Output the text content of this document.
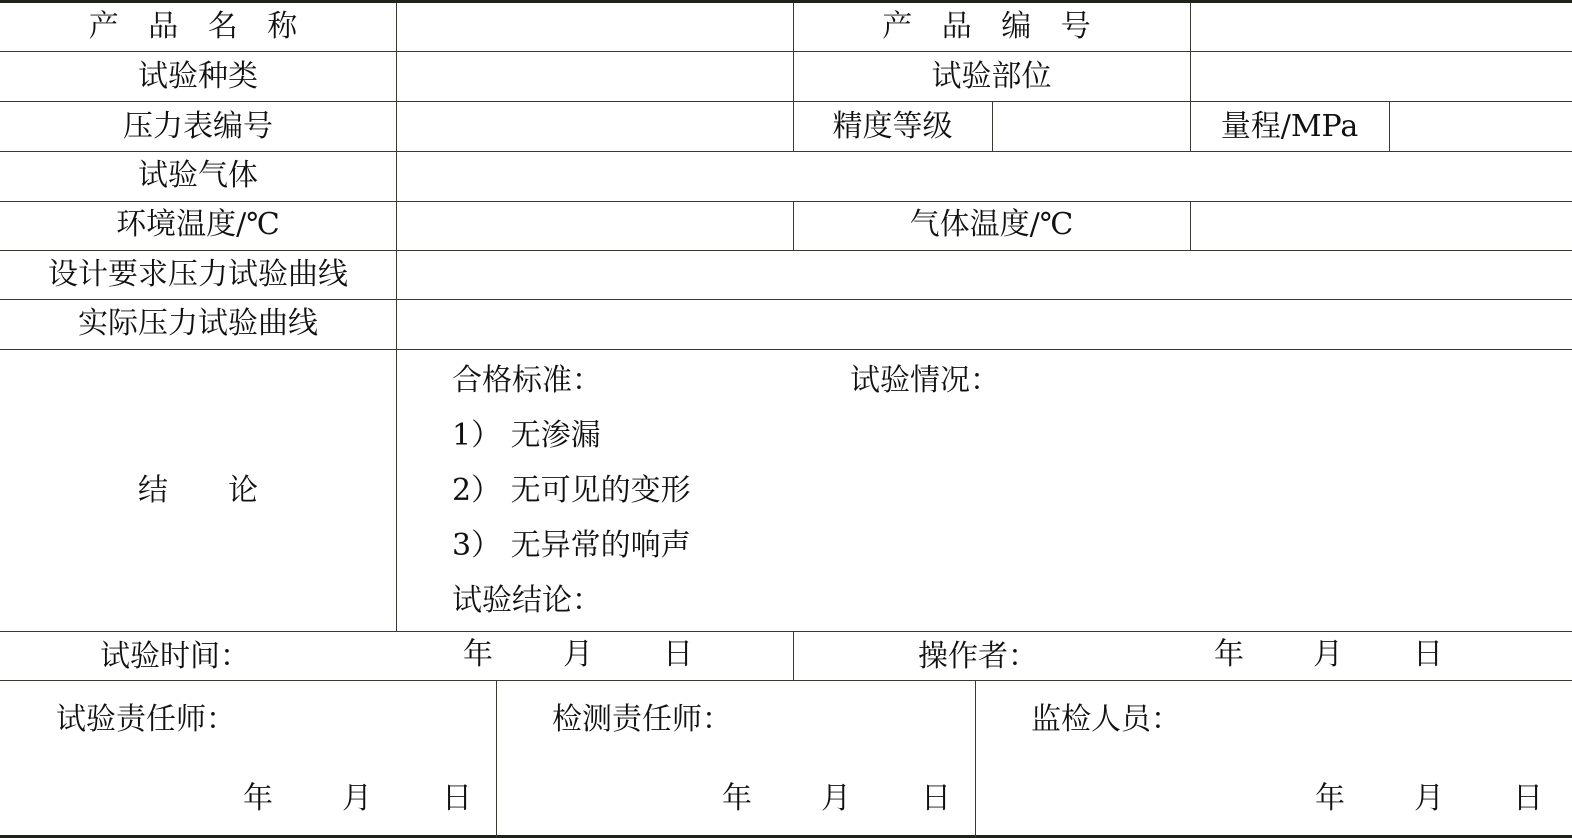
产 品 名 称	产 品 编 号
试验种类	试验部位
压力表编号	精度等级	量程/MPa
试验气体
环境温度/℃	气体温度/℃
设计要求压力试验曲线
实际压力试验曲线
结　　论
合格标准：	试验情况：
1） 无渗漏
2） 无可见的变形
3） 无异常的响声
试验结论：
试验时间：	年 月 日	操作者：	年 月 日
试验责任师：
年 月 日
检测责任师：
年 月 日
监检人员：
年 月 日
